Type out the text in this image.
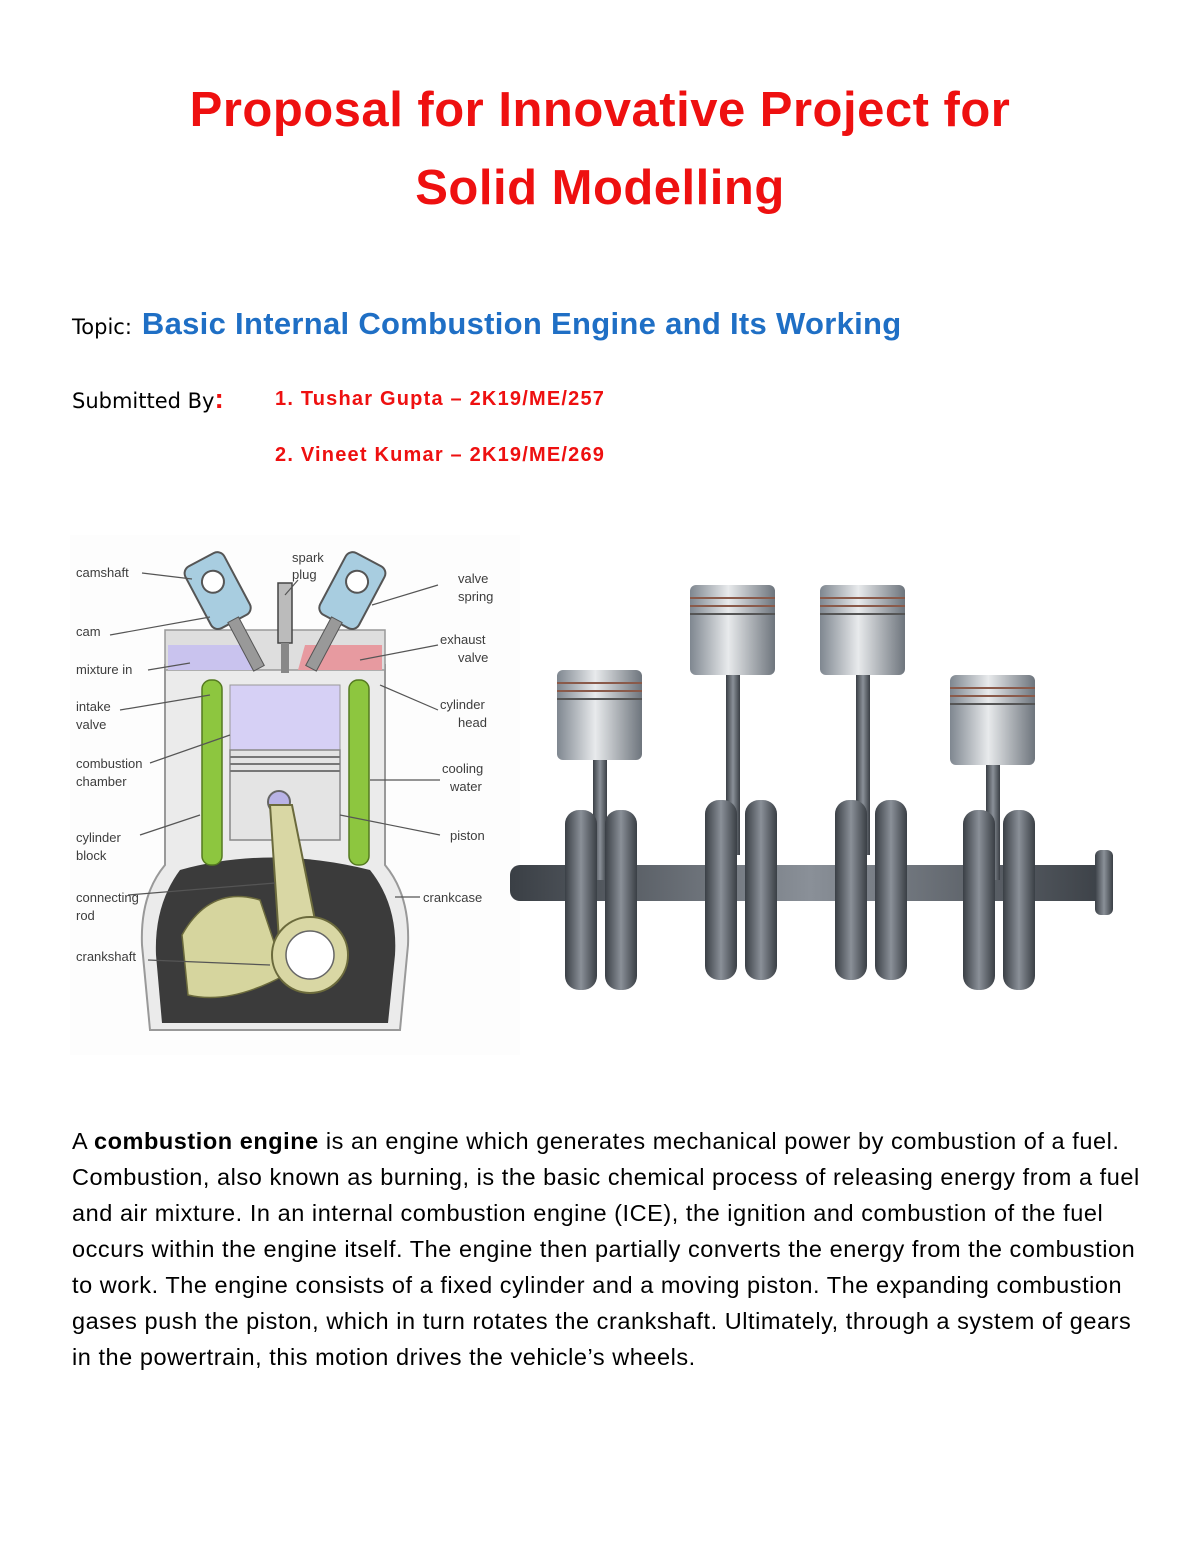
Proposal for Innovative Project for
Solid Modelling
Topic: Basic Internal Combustion Engine and Its Working
Submitted By:	1. Tushar Gupta – 2K19/ME/257
2. Vineet Kumar – 2K19/ME/269
camshaft
spark
plug	valve
spring
cam
exhaust
valve
mixture in
cylinder
head
intake
valve
combustion
chamber
cooling
water
piston
cylinder
block
connecting
rod
crankcase
crankshaft
A combustion engine is an engine which generates mechanical power by combustion of a fuel. Combustion, also known as burning, is the basic chemical process of releasing energy from a fuel and air mixture. In an internal combustion engine (ICE), the ignition and combustion of the fuel occurs within the engine itself. The engine then partially converts the energy from the combustion to work. The engine consists of a fixed cylinder and a moving piston. The expanding combustion gases push the piston, which in turn rotates the crankshaft. Ultimately, through a system of gears in the powertrain, this motion drives the vehicle’s wheels.
